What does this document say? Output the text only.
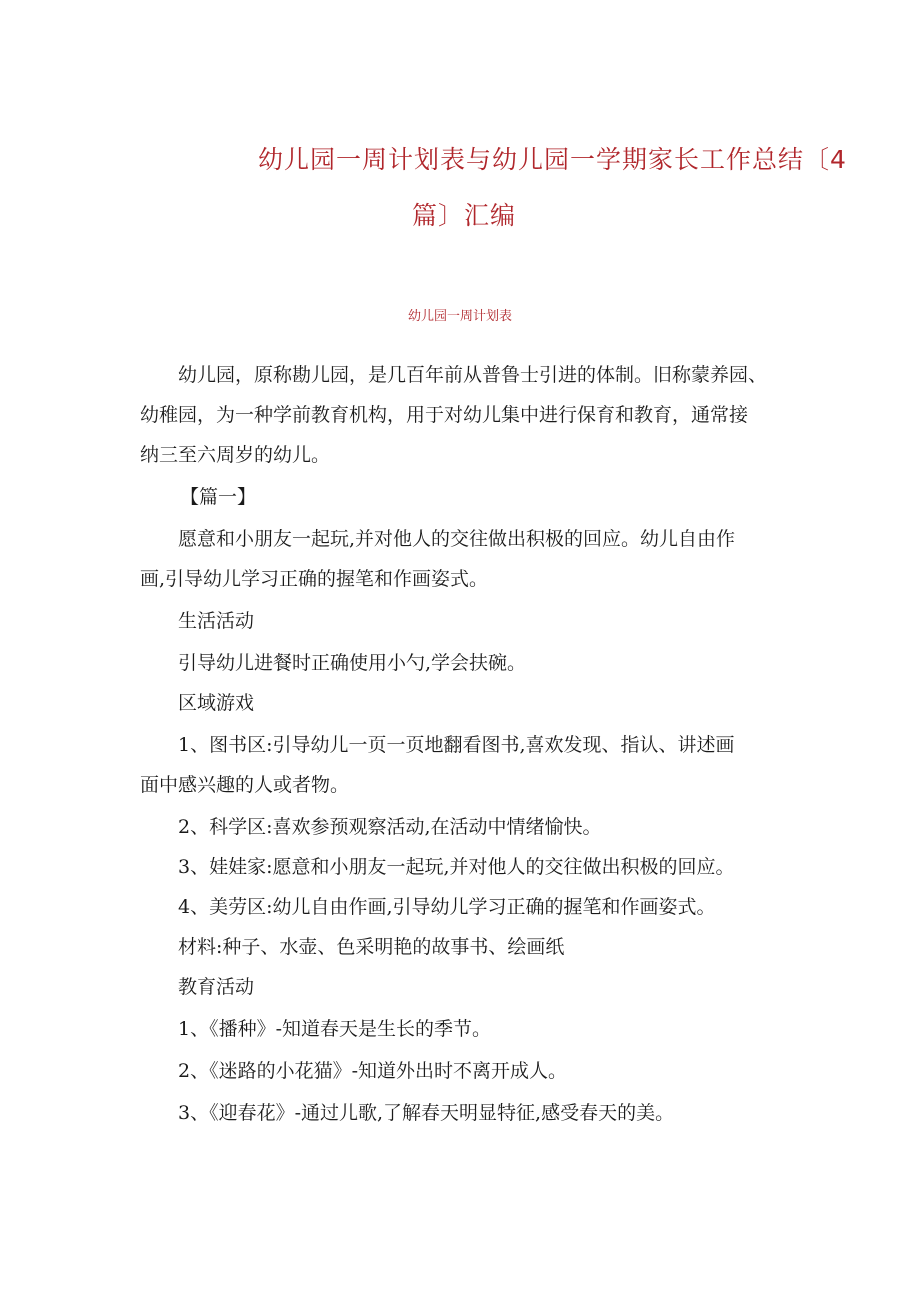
幼儿园一周计划表与幼儿园一学期家长工作总结〔4
篇〕汇编
幼儿园一周计划表
幼儿园，原称勘儿园，是几百年前从普鲁士引进的体制。旧称蒙养园、
幼稚园，为一种学前教育机构，用于对幼儿集中进行保育和教育，通常接
纳三至六周岁的幼儿。
【篇一】
愿意和小朋友一起玩,并对他人的交往做出积极的回应。幼儿自由作
画,引导幼儿学习正确的握笔和作画姿式。
生活活动
引导幼儿进餐时正确使用小勺,学会扶碗。
区域游戏
1、图书区:引导幼儿一页一页地翻看图书,喜欢发现、指认、讲述画
面中感兴趣的人或者物。
2、科学区:喜欢参预观察活动,在活动中情绪愉快。
3、娃娃家:愿意和小朋友一起玩,并对他人的交往做出积极的回应。
4、美劳区:幼儿自由作画,引导幼儿学习正确的握笔和作画姿式。
材料:种子、水壶、色采明艳的故事书、绘画纸
教育活动
1、《播种》-知道春天是生长的季节。
2、《迷路的小花猫》-知道外出时不离开成人。
3、《迎春花》-通过儿歌,了解春天明显特征,感受春天的美。
